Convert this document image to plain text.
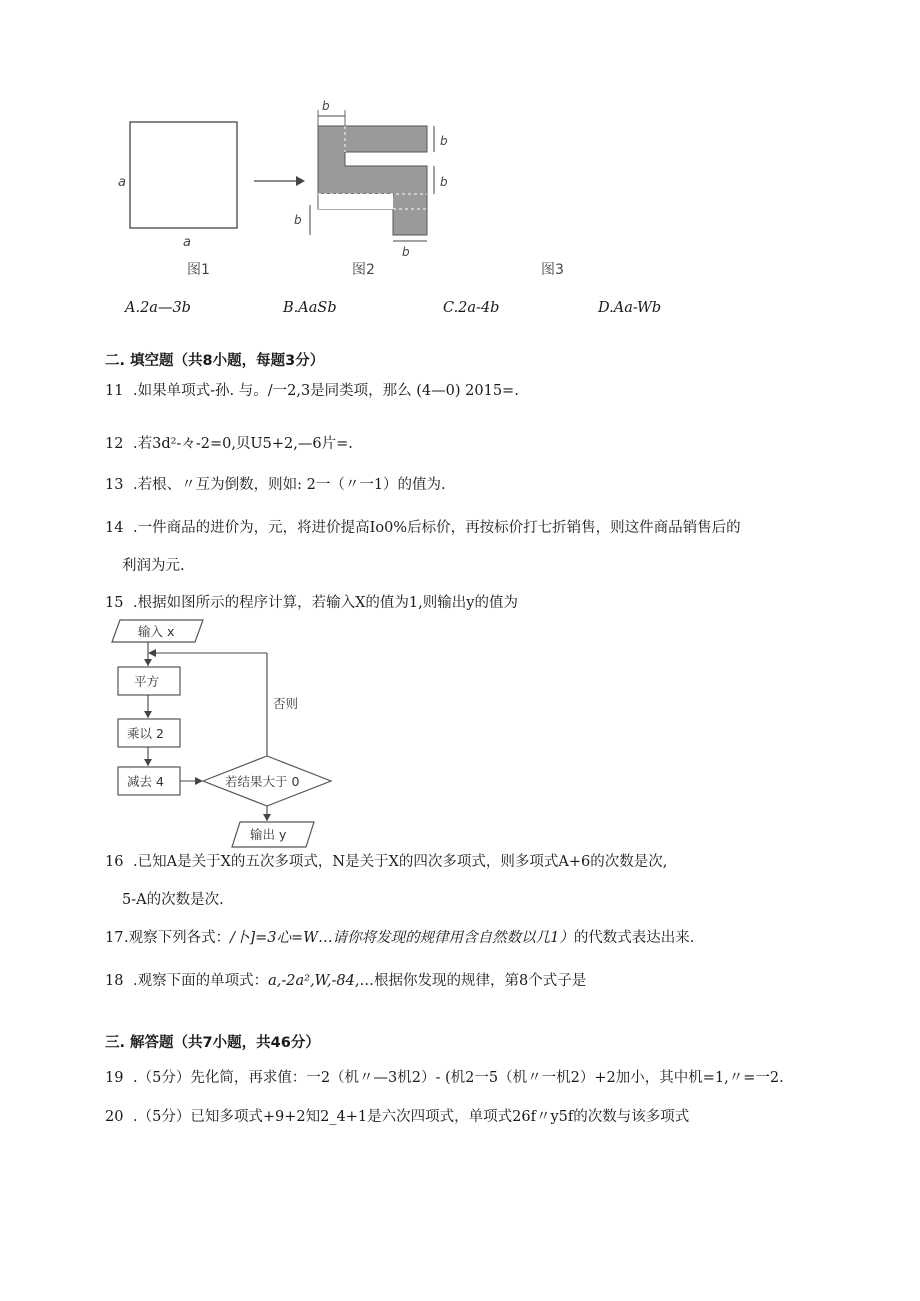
a
a
b
b
b
b
b
图1	图2	图3
A.2a—3b	B.AaSb	C.2a-4b	D.Aa-Wb
二. 填空题（共8小题，每题3分）
11 .如果单项式-孙. 与。/一2,3是同类项，那么 (4—0) 2015=.
12 .若3d²-々-2=0,贝U5+2,—6片=.
13 .若根、〃互为倒数，则如: 2一（〃一1）的值为.
14 .一件商品的进价为，元，将进价提高Io0%后标价，再按标价打七折销售，则这件商品销售后的
利润为元.
15 .根据如图所示的程序计算，若输入X的值为1,则输出y的值为
输入 x
平方
乘以 2
减去 4	若结果大于 0
否则
输出 y
16 .已知A是关于X的五次多项式，N是关于X的四次多项式，则多项式A+6的次数是次,
5-A的次数是次.
17 .观察下列各式：/卜]=3心=W…请你将发现的规律用含自然数以几1）的代数式表达出来.
18 .观察下面的单项式：a,-2a²,W,-84,…根据你发现的规律，第8个式子是
三. 解答题（共7小题，共46分）
19 .（5分）先化简，再求值：一2（机〃—3机2）- (机2一5（机〃一机2）+2加小，其中机=1,〃=一2.
20 .（5分）已知多项式+9+2知2_4+1是六次四项式，单项式26f〃y5f的次数与该多项式
